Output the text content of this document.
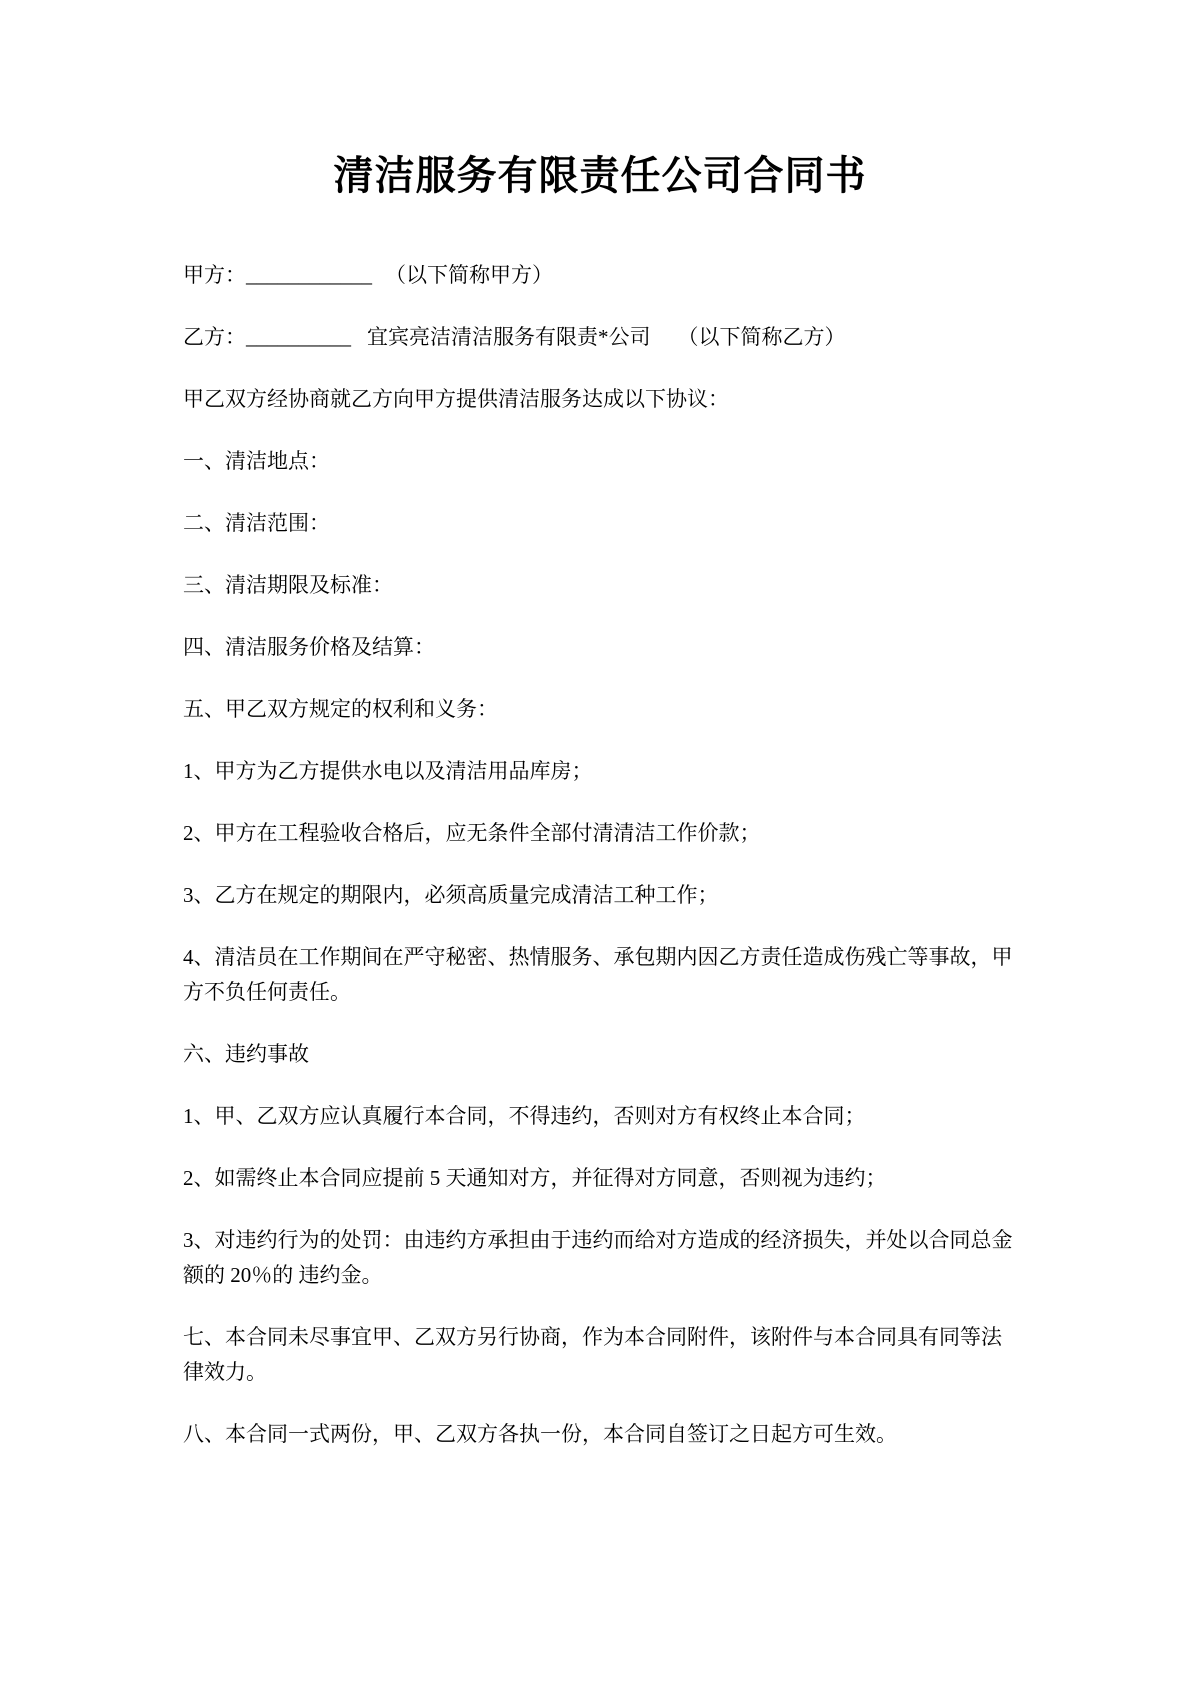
清洁服务有限责任公司合同书

甲方：____________ （以下简称甲方）

乙方：__________ 宜宾亮洁清洁服务有限责*公司 （以下简称乙方）

甲乙双方经协商就乙方向甲方提供清洁服务达成以下协议：

一、清洁地点：

二、清洁范围：

三、清洁期限及标准：

四、清洁服务价格及结算：

五、甲乙双方规定的权利和义务：

1、甲方为乙方提供水电以及清洁用品库房；

2、甲方在工程验收合格后，应无条件全部付清清洁工作价款；

3、乙方在规定的期限内，必须高质量完成清洁工种工作；

4、清洁员在工作期间在严守秘密、热情服务、承包期内因乙方责任造成伤残亡等事故，甲方不负任何责任。

六、违约事故

1、甲、乙双方应认真履行本合同，不得违约，否则对方有权终止本合同；

2、如需终止本合同应提前 5 天通知对方，并征得对方同意，否则视为违约；

3、对违约行为的处罚：由违约方承担由于违约而给对方造成的经济损失，并处以合同总金额的 20％的 违约金。

七、本合同未尽事宜甲、乙双方另行协商，作为本合同附件，该附件与本合同具有同等法律效力。

八、本合同一式两份，甲、乙双方各执一份，本合同自签订之日起方可生效。
